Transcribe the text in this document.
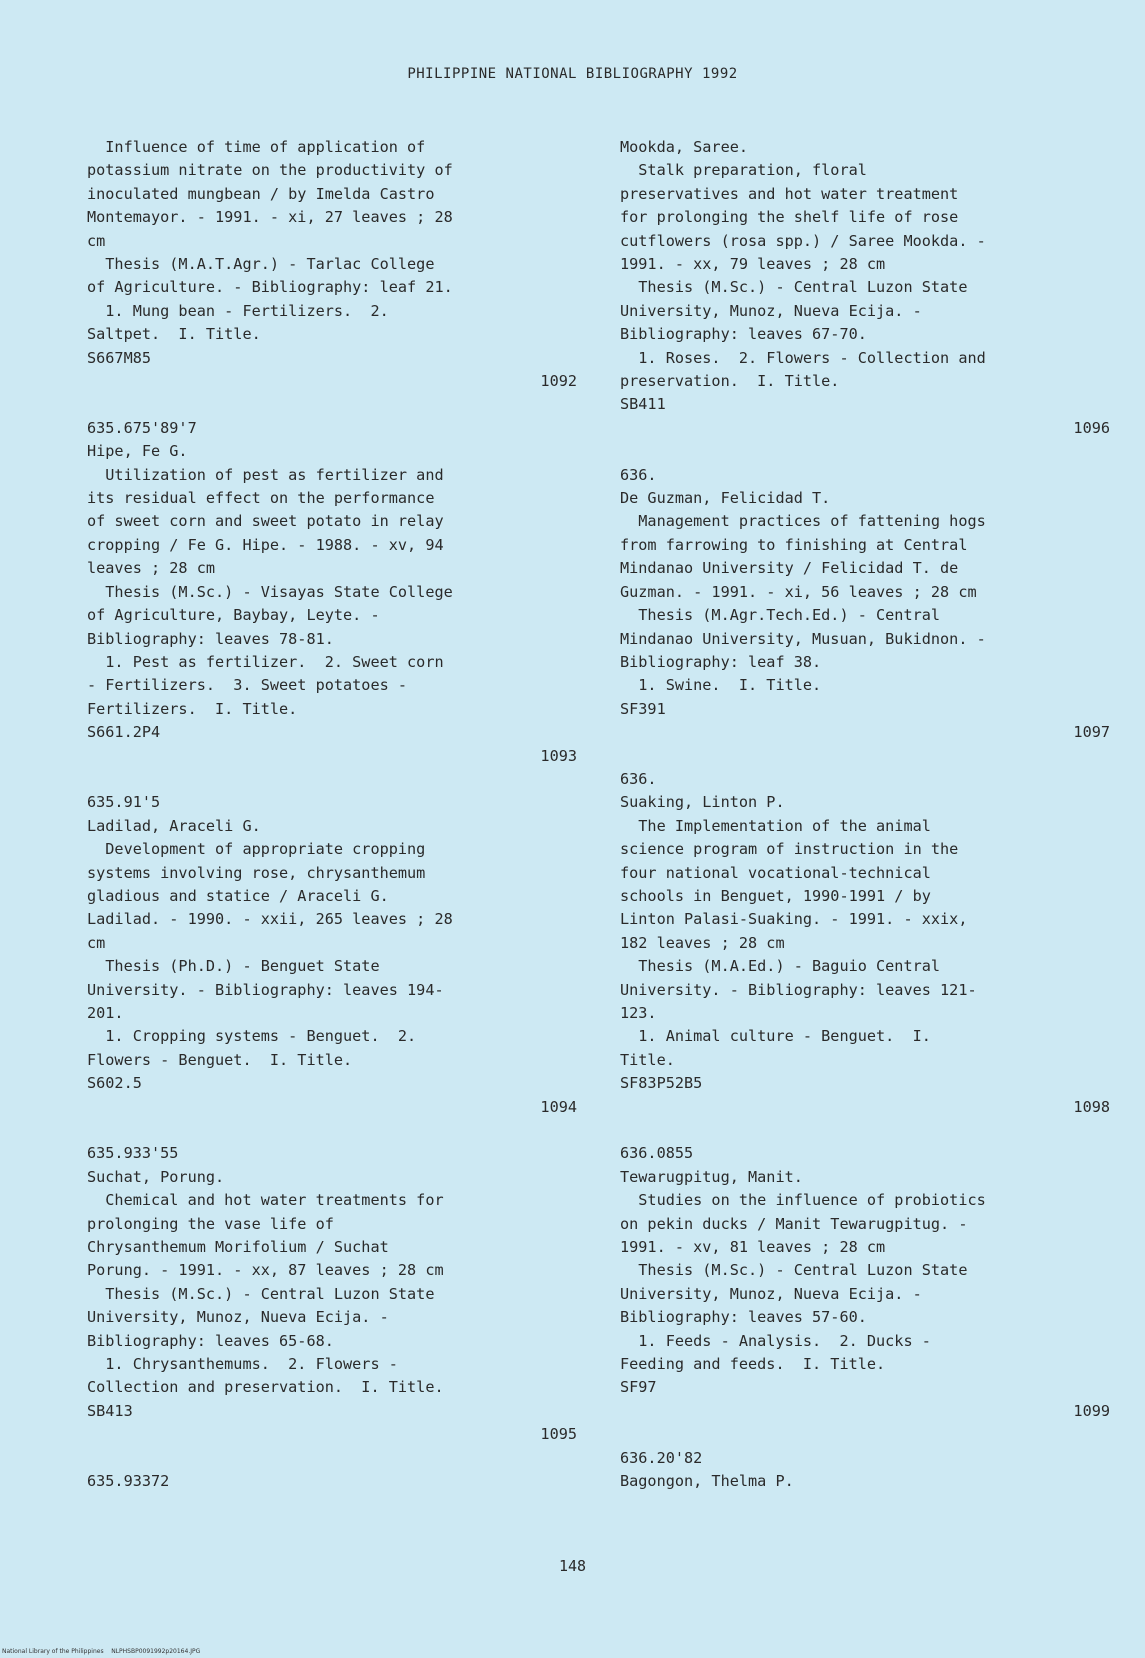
PHILIPPINE NATIONAL BIBLIOGRAPHY 1992
Influence of time of application of
potassium nitrate on the productivity of
inoculated mungbean / by Imelda Castro
Montemayor. - 1991. - xi, 27 leaves ; 28
cm
Thesis (M.A.T.Agr.) - Tarlac College
of Agriculture. - Bibliography: leaf 21.
1. Mung bean - Fertilizers.  2.
Saltpet.  I. Title.
S667M85
1092
635.675'89'7
Hipe, Fe G.
Utilization of pest as fertilizer and
its residual effect on the performance
of sweet corn and sweet potato in relay
cropping / Fe G. Hipe. - 1988. - xv, 94
leaves ; 28 cm
Thesis (M.Sc.) - Visayas State College
of Agriculture, Baybay, Leyte. -
Bibliography: leaves 78-81.
1. Pest as fertilizer.  2. Sweet corn
- Fertilizers.  3. Sweet potatoes -
Fertilizers.  I. Title.
S661.2P4
1093
635.91'5
Ladilad, Araceli G.
Development of appropriate cropping
systems involving rose, chrysanthemum
gladious and statice / Araceli G.
Ladilad. - 1990. - xxii, 265 leaves ; 28
cm
Thesis (Ph.D.) - Benguet State
University. - Bibliography: leaves 194-
201.
1. Cropping systems - Benguet.  2.
Flowers - Benguet.  I. Title.
S602.5
1094
635.933'55
Suchat, Porung.
Chemical and hot water treatments for
prolonging the vase life of
Chrysanthemum Morifolium / Suchat
Porung. - 1991. - xx, 87 leaves ; 28 cm
Thesis (M.Sc.) - Central Luzon State
University, Munoz, Nueva Ecija. -
Bibliography: leaves 65-68.
1. Chrysanthemums.  2. Flowers -
Collection and preservation.  I. Title.
SB413
1095
635.93372
Mookda, Saree.
Stalk preparation, floral
preservatives and hot water treatment
for prolonging the shelf life of rose
cutflowers (rosa spp.) / Saree Mookda. -
1991. - xx, 79 leaves ; 28 cm
Thesis (M.Sc.) - Central Luzon State
University, Munoz, Nueva Ecija. -
Bibliography: leaves 67-70.
1. Roses.  2. Flowers - Collection and
preservation.  I. Title.
SB411
1096
636.
De Guzman, Felicidad T.
Management practices of fattening hogs
from farrowing to finishing at Central
Mindanao University / Felicidad T. de
Guzman. - 1991. - xi, 56 leaves ; 28 cm
Thesis (M.Agr.Tech.Ed.) - Central
Mindanao University, Musuan, Bukidnon. -
Bibliography: leaf 38.
1. Swine.  I. Title.
SF391
1097
636.
Suaking, Linton P.
The Implementation of the animal
science program of instruction in the
four national vocational-technical
schools in Benguet, 1990-1991 / by
Linton Palasi-Suaking. - 1991. - xxix,
182 leaves ; 28 cm
Thesis (M.A.Ed.) - Baguio Central
University. - Bibliography: leaves 121-
123.
1. Animal culture - Benguet.  I.
Title.
SF83P52B5
1098
636.0855
Tewarugpitug, Manit.
Studies on the influence of probiotics
on pekin ducks / Manit Tewarugpitug. -
1991. - xv, 81 leaves ; 28 cm
Thesis (M.Sc.) - Central Luzon State
University, Munoz, Nueva Ecija. -
Bibliography: leaves 57-60.
1. Feeds - Analysis.  2. Ducks -
Feeding and feeds.  I. Title.
SF97
1099
636.20'82
Bagongon, Thelma P.
148
National Library of the Philippines    NLPHSBP0091992p20164.JPG
